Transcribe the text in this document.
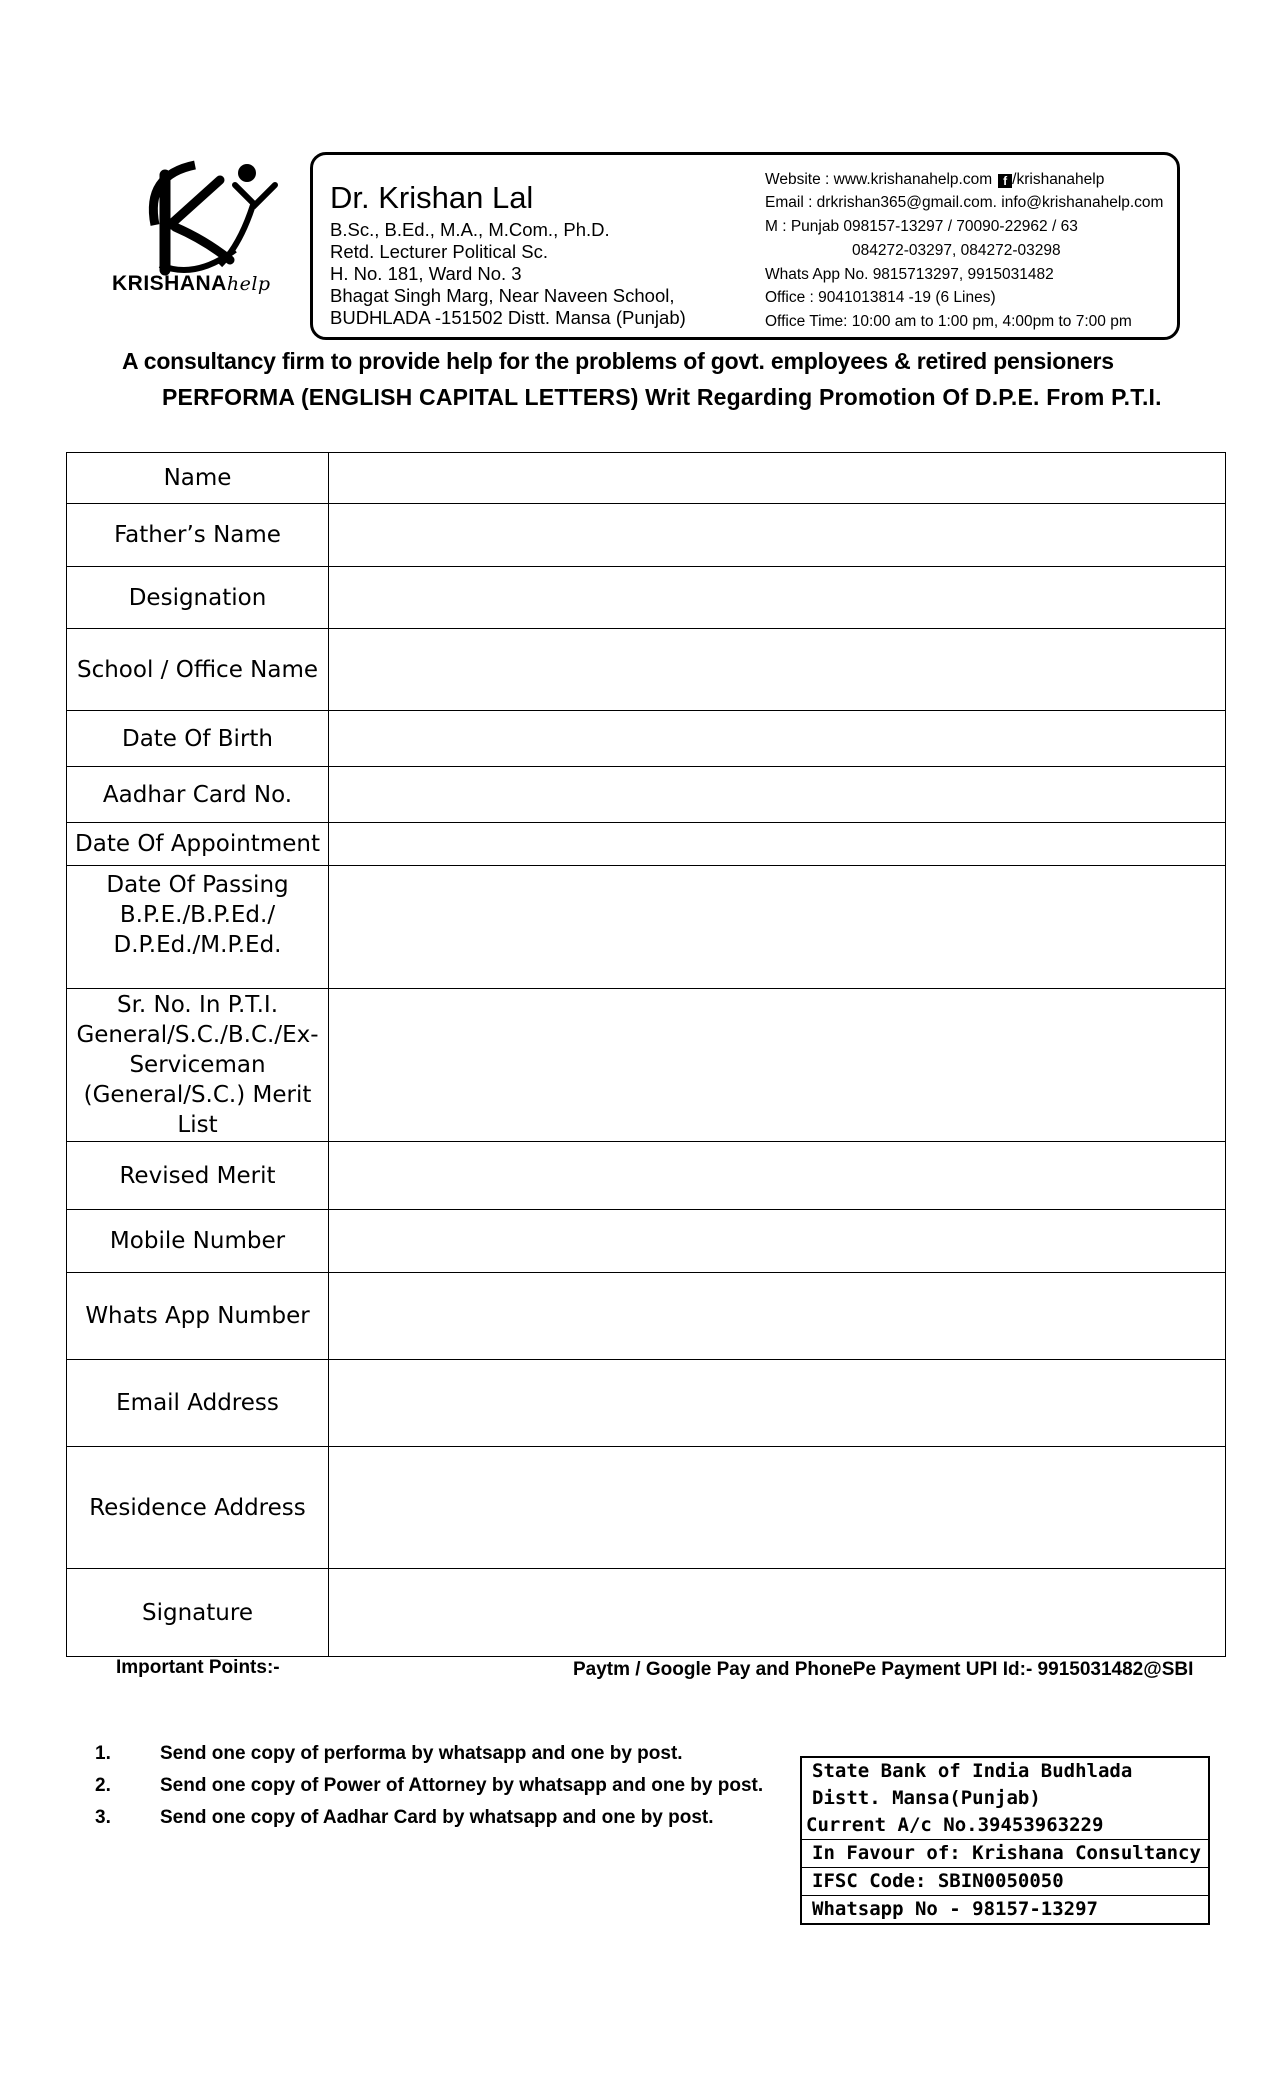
KRISHANAhelp
Dr. Krishan Lal
B.Sc., B.Ed., M.A., M.Com., Ph.D.
Retd. Lecturer Political Sc.
H. No. 181, Ward No. 3
Bhagat Singh Marg, Near Naveen School,
BUDHLADA -151502 Distt. Mansa (Punjab)
Website : www.krishanahelp.com f /krishanahelp
Email : drkrishan365@gmail.com. info@krishanahelp.com
M : Punjab 098157-13297 / 70090-22962 / 63
084272-03297, 084272-03298
Whats App No. 9815713297, 9915031482
Office : 9041013814 -19 (6 Lines)
Office Time: 10:00 am to 1:00 pm, 4:00pm to 7:00 pm
A consultancy firm to provide help for the problems of govt. employees & retired pensioners
PERFORMA (ENGLISH CAPITAL LETTERS) Writ Regarding Promotion Of D.P.E. From P.T.I.
Name	
Father’s Name	
Designation	
School / Office Name	
Date Of Birth	
Aadhar Card No.	
Date Of Appointment	
Date Of Passing B.P.E./B.P.Ed./ D.P.Ed./M.P.Ed.	
Sr. No. In P.T.I. General/S.C./B.C./Ex-Serviceman (General/S.C.) Merit List	
Revised Merit	
Mobile Number	
Whats App Number	
Email Address	
Residence Address	
Signature	
Important Points:-	Paytm / Google Pay and PhonePe Payment UPI Id:- 9915031482@SBI
1.	Send one copy of performa by whatsapp and one by post.
2.	Send one copy of Power of Attorney by whatsapp and one by post.
3.	Send one copy of Aadhar Card by whatsapp and one by post.
State Bank of India Budhlada
Distt. Mansa(Punjab)
Current A/c No.39453963229
In Favour of: Krishana Consultancy
IFSC Code: SBIN0050050
Whatsapp No - 98157-13297
